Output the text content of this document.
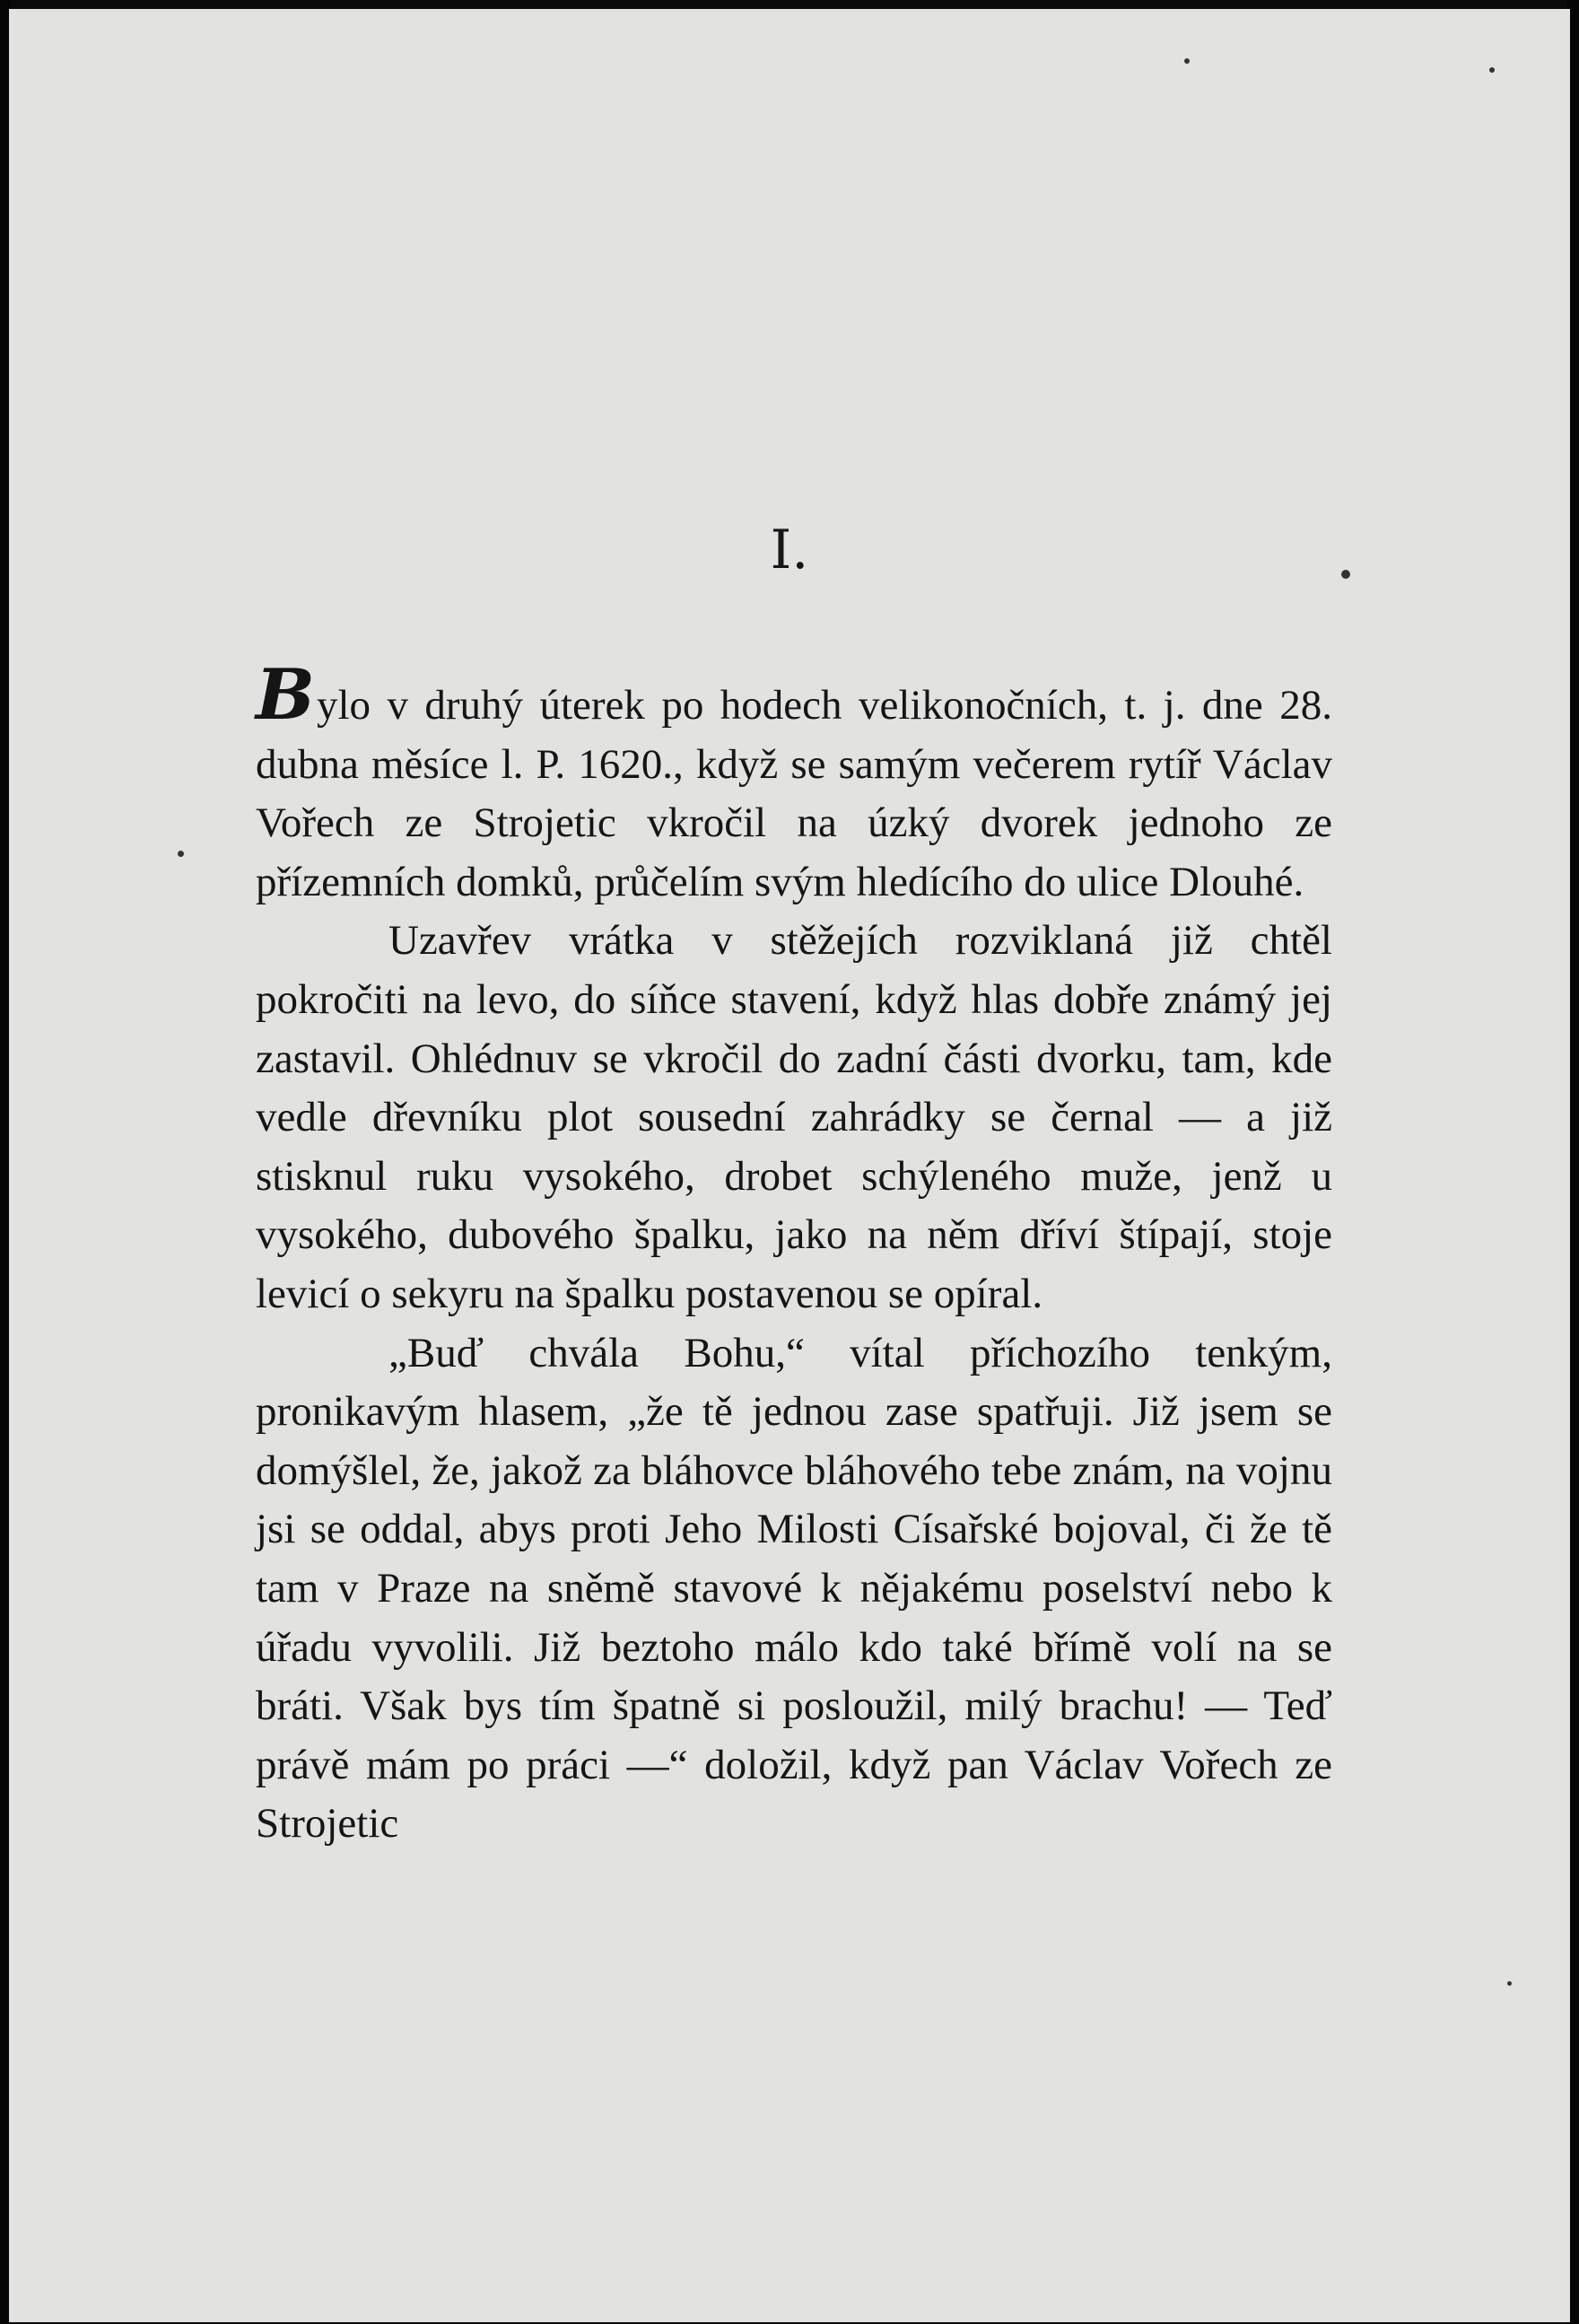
I.

Bylo v druhý úterek po hodech velikonočních, t. j. dne 28. dubna měsíce l. P. 1620., když se samým večerem rytíř Václav Vořech ze Strojetic vkročil na úzký dvorek jednoho ze přízemních domků, průčelím svým hledícího do ulice Dlouhé.

Uzavřev vrátka v stěžejích rozviklaná již chtěl pokročiti na levo, do síňce stavení, když hlas dobře známý jej zastavil. Ohlédnuv se vkročil do zadní části dvorku, tam, kde vedle dřevníku plot sousední zahrádky se černal — a již stisknul ruku vysokého, drobet schýleného muže, jenž u vysokého, dubového špalku, jako na něm dříví štípají, stoje levicí o sekyru na špalku postavenou se opíral.

„Buď chvála Bohu,“ vítal příchozího tenkým, pronikavým hlasem, „že tě jednou zase spatřuji. Již jsem se domýšlel, že, jakož za bláhovce bláhového tebe znám, na vojnu jsi se oddal, abys proti Jeho Milosti Císařské bojoval, či že tě tam v Praze na sněmě stavové k nějakému poselství nebo k úřadu vyvolili. Již beztoho málo kdo také břímě volí na se bráti. Však bys tím špatně si posloužil, milý brachu! — Teď právě mám po práci —“ doložil, když pan Václav Vořech ze Strojetic
